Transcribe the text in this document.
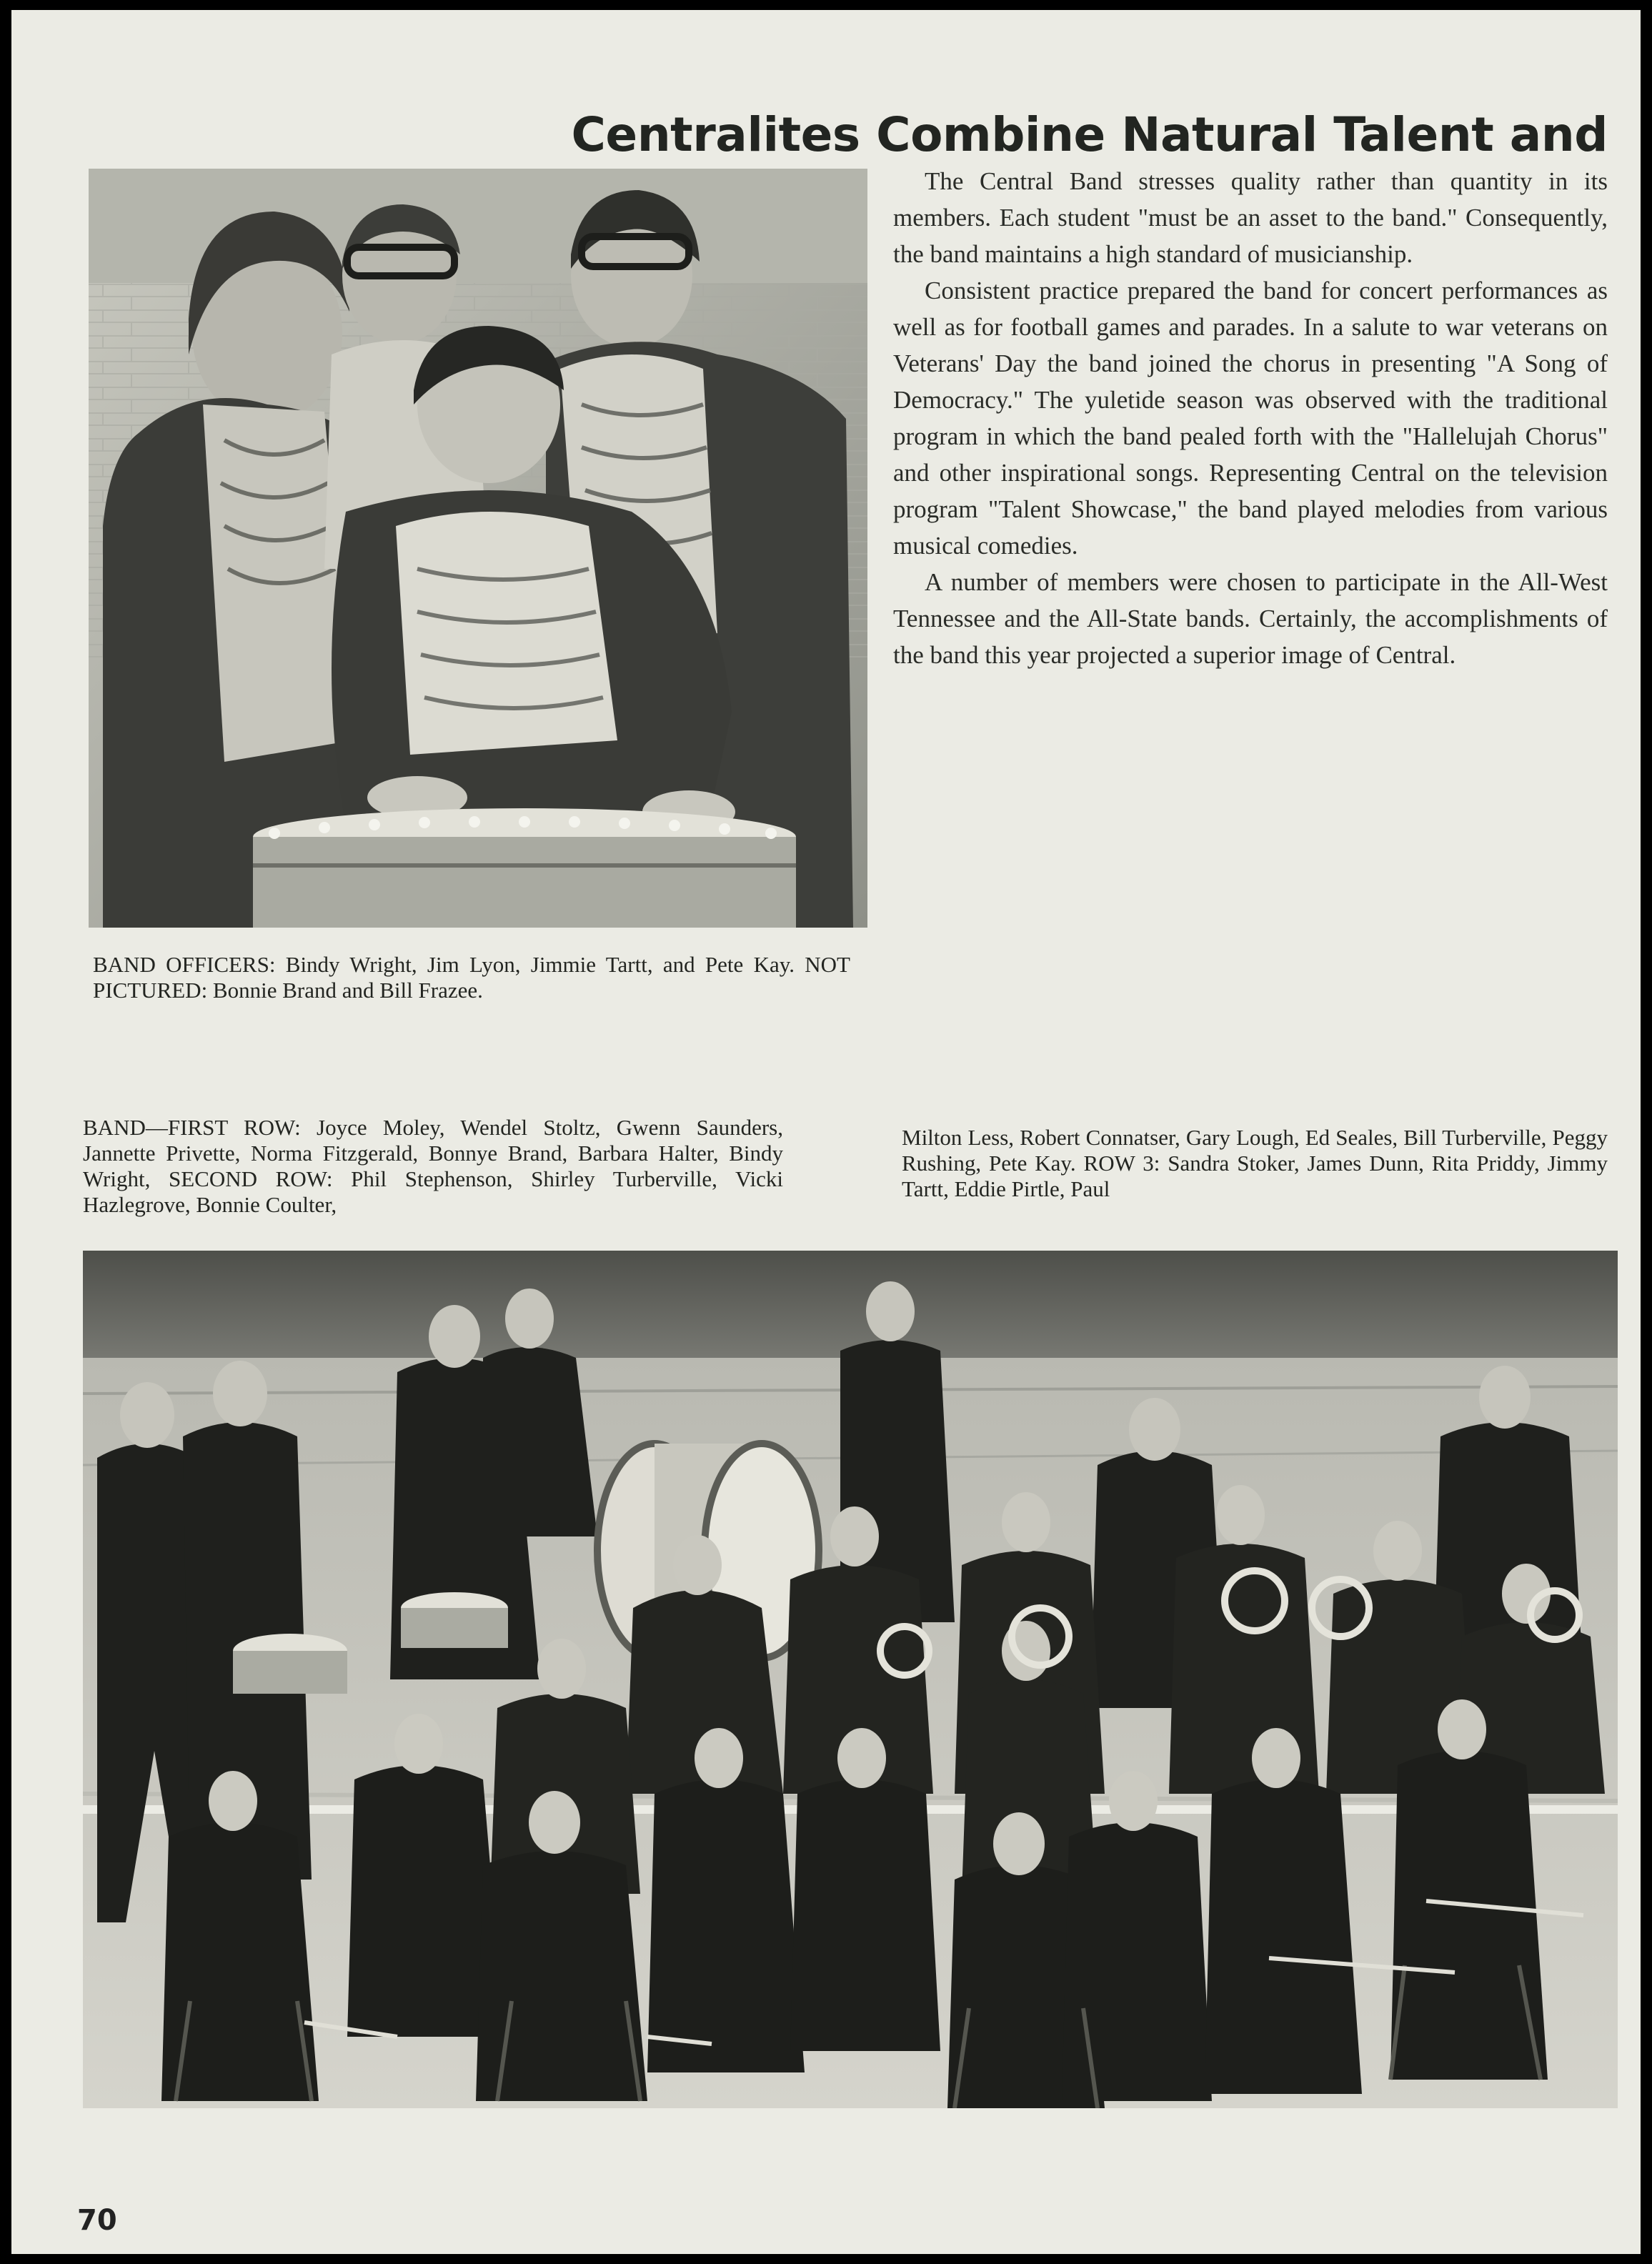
Centralites Combine Natural Talent and

The Central Band stresses quality rather than quantity in its members. Each student "must be an asset to the band." Consequently, the band maintains a high standard of musicianship.

Consistent practice prepared the band for concert performances as well as for football games and parades. In a salute to war veterans on Veterans' Day the band joined the chorus in presenting "A Song of Democracy." The yuletide season was observed with the traditional program in which the band pealed forth with the "Hallelujah Chorus" and other inspirational songs. Representing Central on the television program "Talent Showcase," the band played melodies from various musical comedies.

A number of members were chosen to participate in the All-West Tennessee and the All-State bands. Certainly, the accomplishments of the band this year projected a superior image of Central.

BAND OFFICERS: Bindy Wright, Jim Lyon, Jimmie Tartt, and Pete Kay. NOT PICTURED: Bonnie Brand and Bill Frazee.
BAND—FIRST ROW: Joyce Moley, Wendel Stoltz, Gwenn Saunders, Jannette Privette, Norma Fitzgerald, Bonnye Brand, Barbara Halter, Bindy Wright, SECOND ROW: Phil Stephenson, Shirley Turberville, Vicki Hazlegrove, Bonnie Coulter,
Milton Less, Robert Connatser, Gary Lough, Ed Seales, Bill Turberville, Peggy Rushing, Pete Kay. ROW 3: Sandra Stoker, James Dunn, Rita Priddy, Jimmy Tartt, Eddie Pirtle, Paul
70
